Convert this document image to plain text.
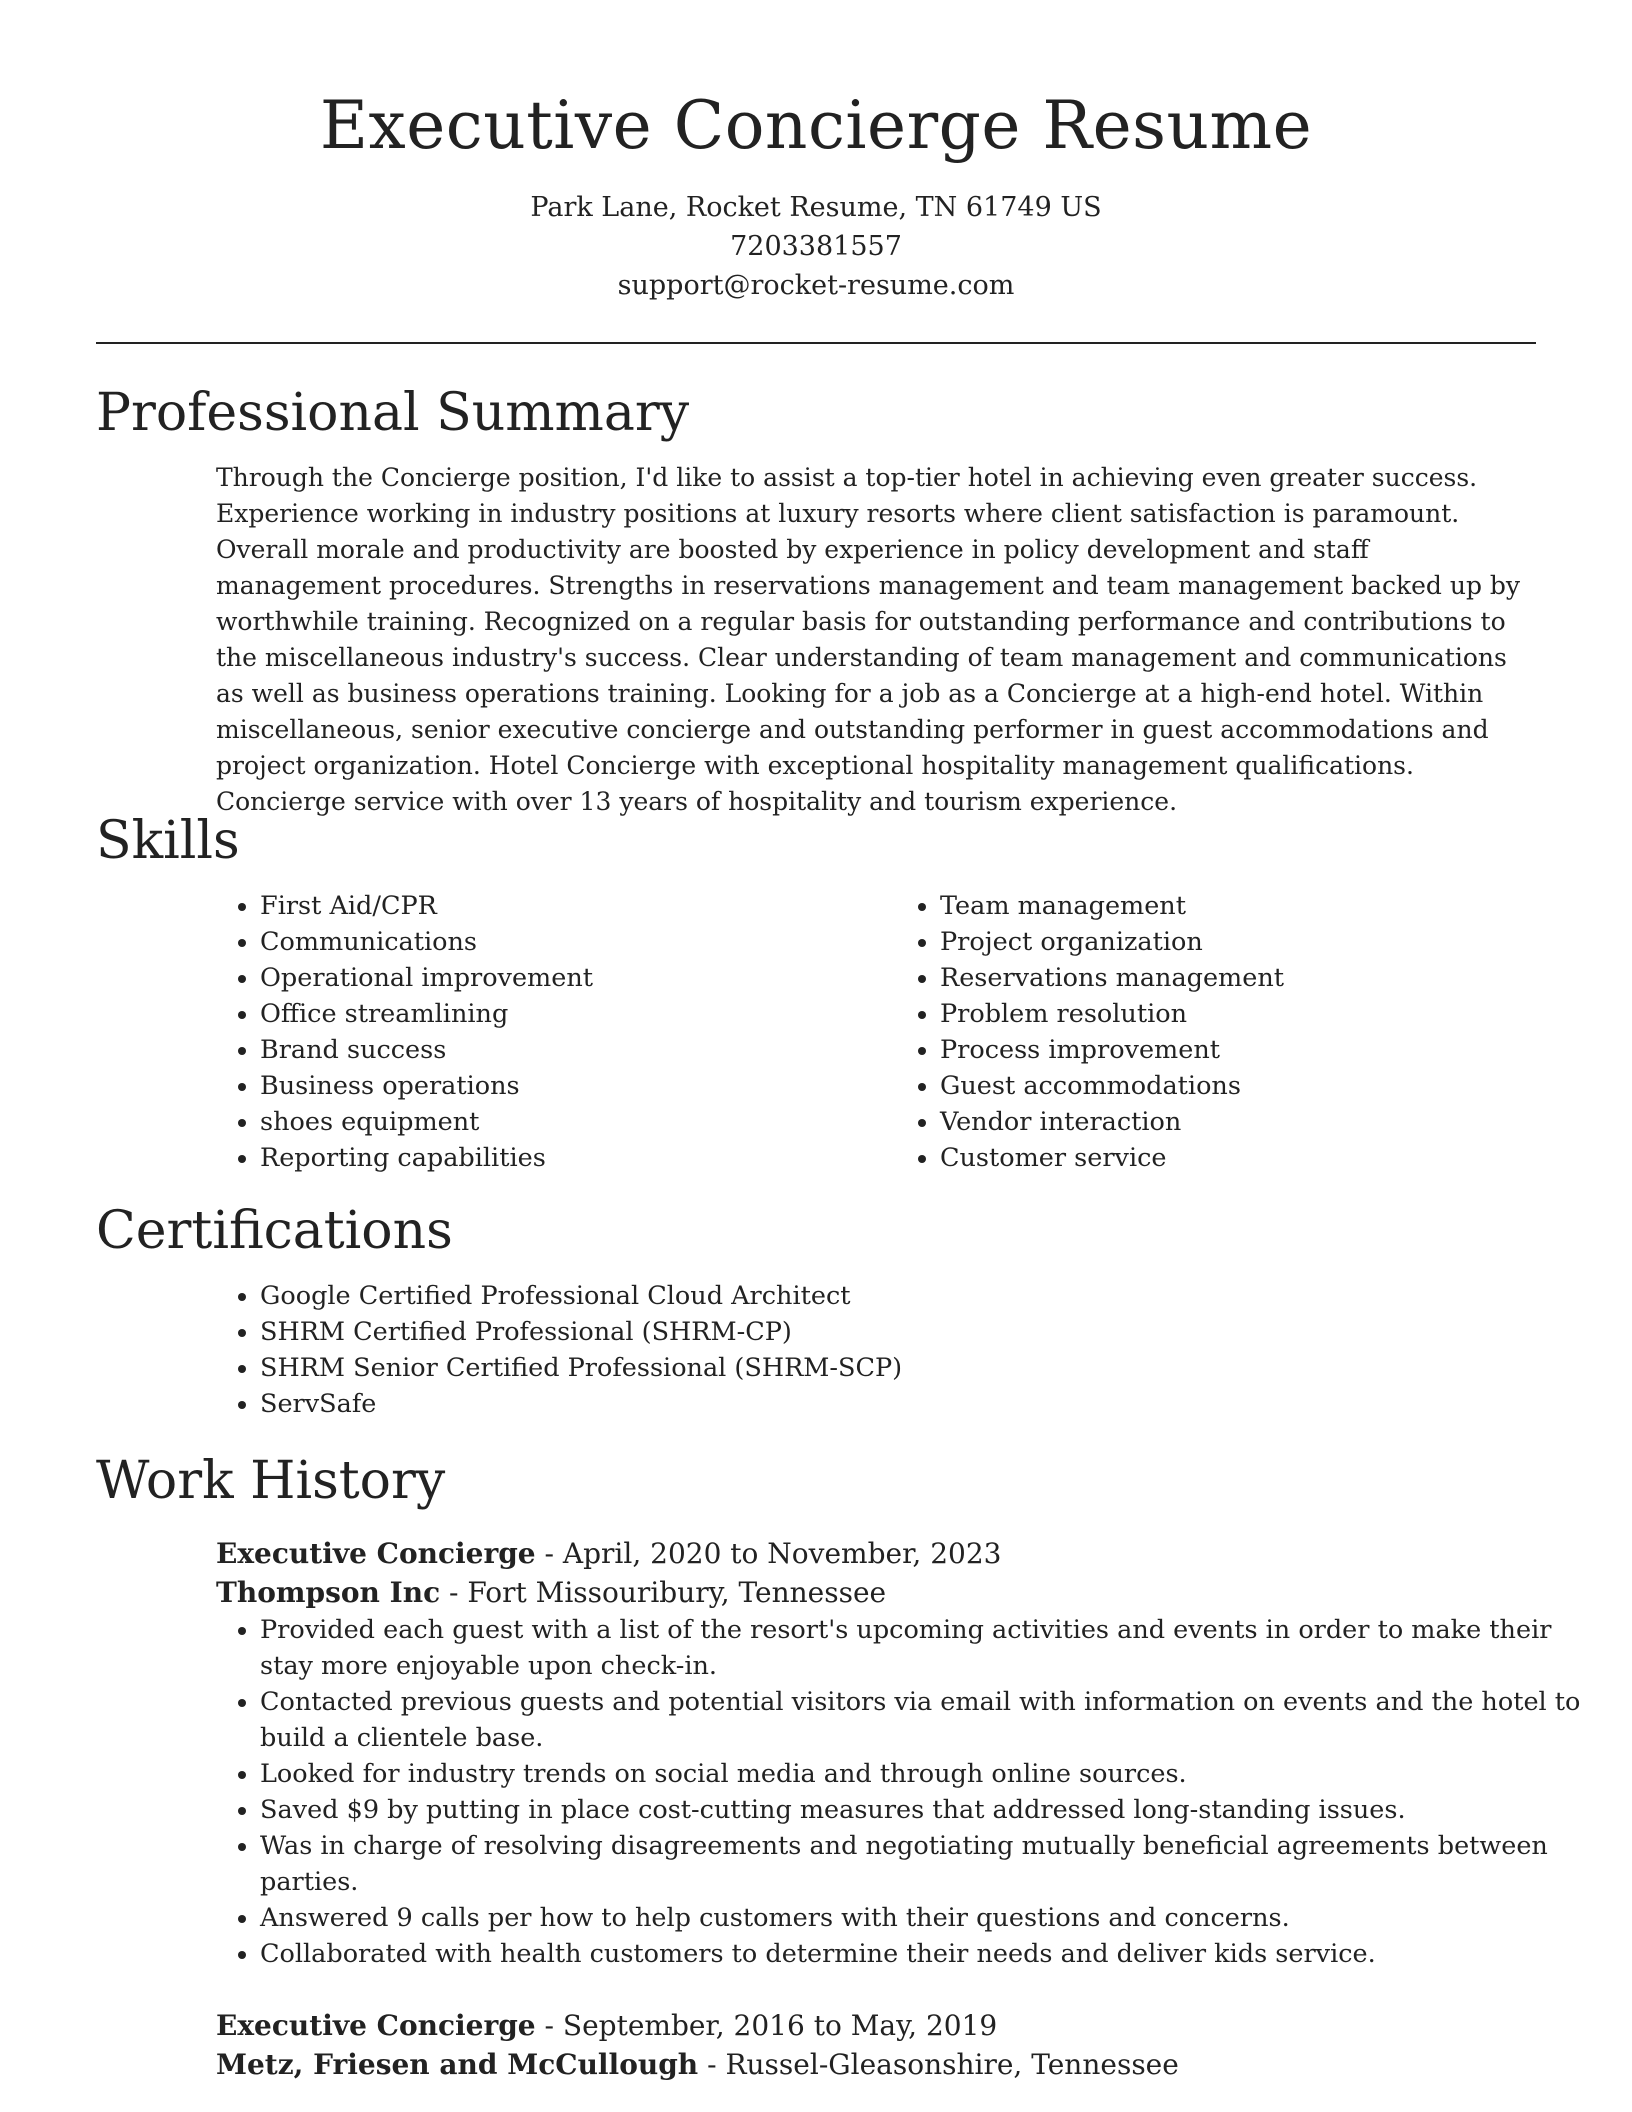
Executive Concierge Resume
Park Lane, Rocket Resume, TN 61749 US
7203381557
support@rocket-resume.com
Professional Summary
Through the Concierge position, I'd like to assist a top-tier hotel in achieving even greater success. Experience working in industry positions at luxury resorts where client satisfaction is paramount. Overall morale and productivity are boosted by experience in policy development and staff management procedures. Strengths in reservations management and team management backed up by worthwhile training. Recognized on a regular basis for outstanding performance and contributions to the miscellaneous industry's success. Clear understanding of team management and communications as well as business operations training. Looking for a job as a Concierge at a high-end hotel. Within miscellaneous, senior executive concierge and outstanding performer in guest accommodations and project organization. Hotel Concierge with exceptional hospitality management qualifications. Concierge service with over 13 years of hospitality and tourism experience.
Skills
• First Aid/CPR
• Communications
• Operational improvement
• Office streamlining
• Brand success
• Business operations
• shoes equipment
• Reporting capabilities
• Team management
• Project organization
• Reservations management
• Problem resolution
• Process improvement
• Guest accommodations
• Vendor interaction
• Customer service
Certifications
• Google Certified Professional Cloud Architect
• SHRM Certified Professional (SHRM-CP)
• SHRM Senior Certified Professional (SHRM-SCP)
• ServSafe
Work History
Executive Concierge - April, 2020 to November, 2023
Thompson Inc - Fort Missouribury, Tennessee
• Provided each guest with a list of the resort's upcoming activities and events in order to make their stay more enjoyable upon check-in.
• Contacted previous guests and potential visitors via email with information on events and the hotel to build a clientele base.
• Looked for industry trends on social media and through online sources.
• Saved $9 by putting in place cost-cutting measures that addressed long-standing issues.
• Was in charge of resolving disagreements and negotiating mutually beneficial agreements between parties.
• Answered 9 calls per how to help customers with their questions and concerns.
• Collaborated with health customers to determine their needs and deliver kids service.
Executive Concierge - September, 2016 to May, 2019
Metz, Friesen and McCullough - Russel-Gleasonshire, Tennessee
